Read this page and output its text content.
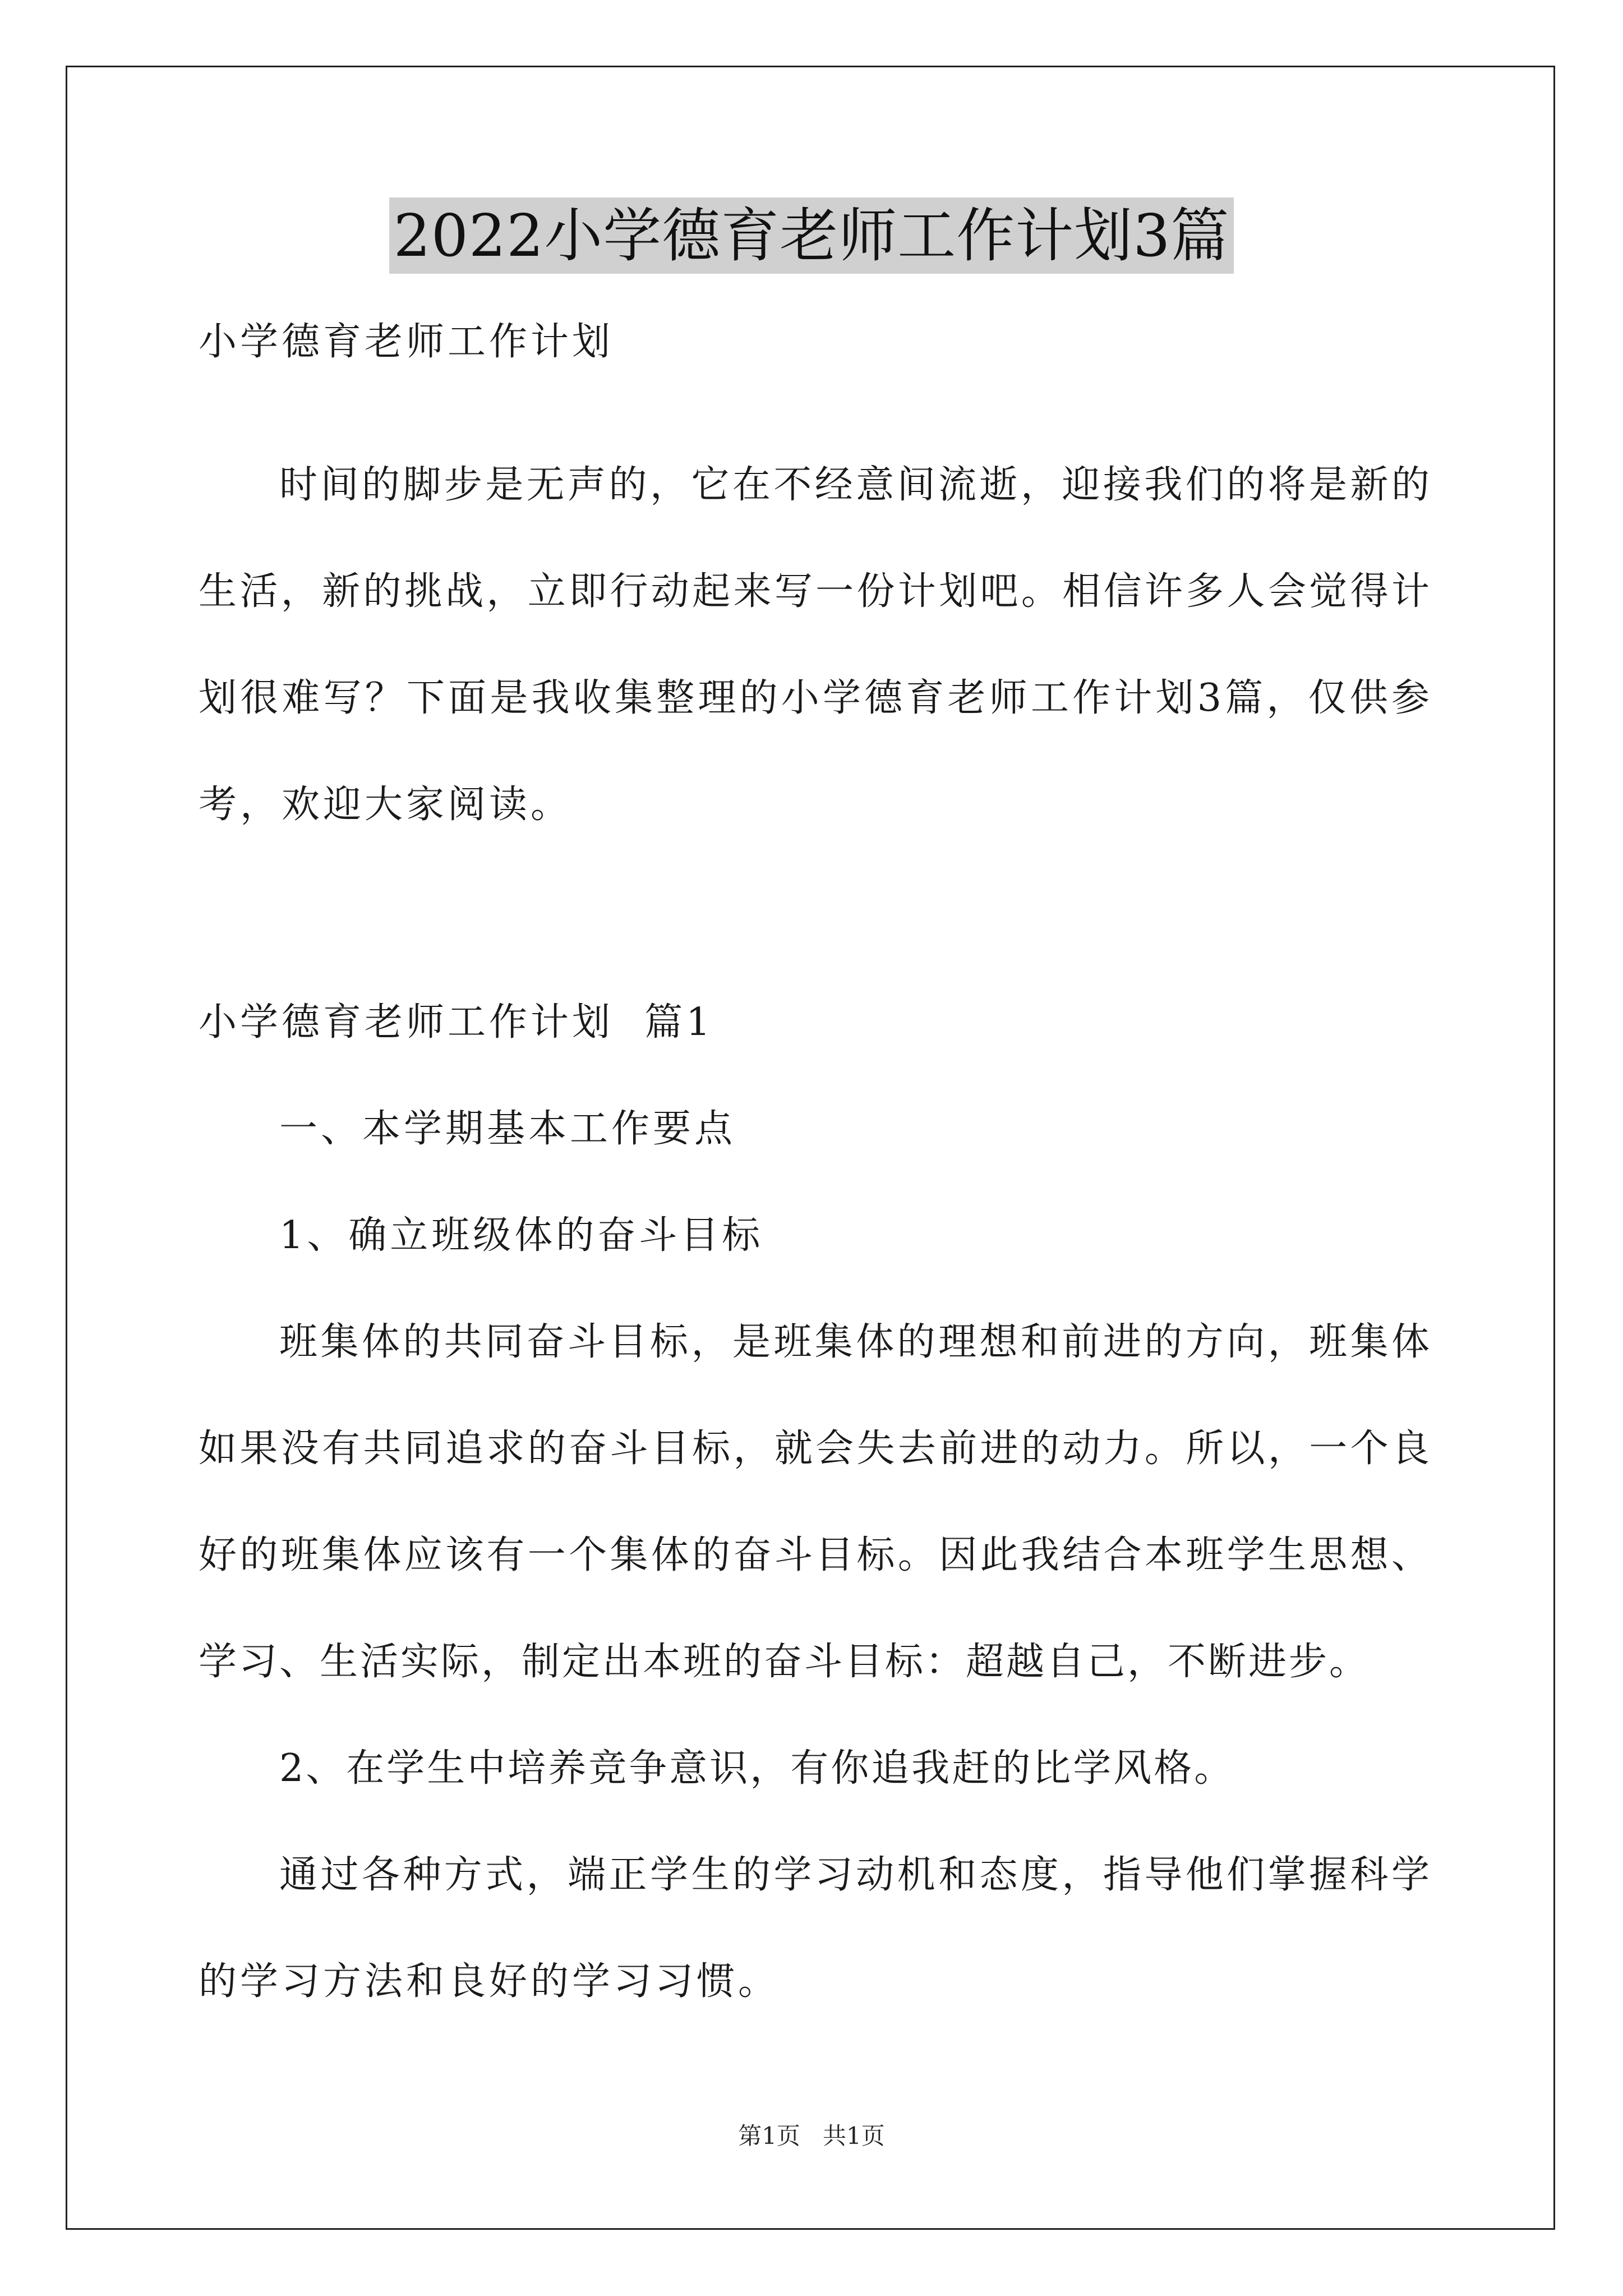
2022小学德育老师工作计划3篇
小学德育老师工作计划
时间的脚步是无声的，它在不经意间流逝，迎接我们的将是新的
生活，新的挑战，立即行动起来写一份计划吧。相信许多人会觉得计
划很难写？下面是我收集整理的小学德育老师工作计划3篇，仅供参
考，欢迎大家阅读。
小学德育老师工作计划  篇1
一、本学期基本工作要点
1、确立班级体的奋斗目标
班集体的共同奋斗目标，是班集体的理想和前进的方向，班集体
如果没有共同追求的奋斗目标，就会失去前进的动力。所以，一个良
好的班集体应该有一个集体的奋斗目标。因此我结合本班学生思想、
学习、生活实际，制定出本班的奋斗目标：超越自己，不断进步。
2、在学生中培养竞争意识，有你追我赶的比学风格。
通过各种方式，端正学生的学习动机和态度，指导他们掌握科学
的学习方法和良好的学习习惯。
第1页   共1页
